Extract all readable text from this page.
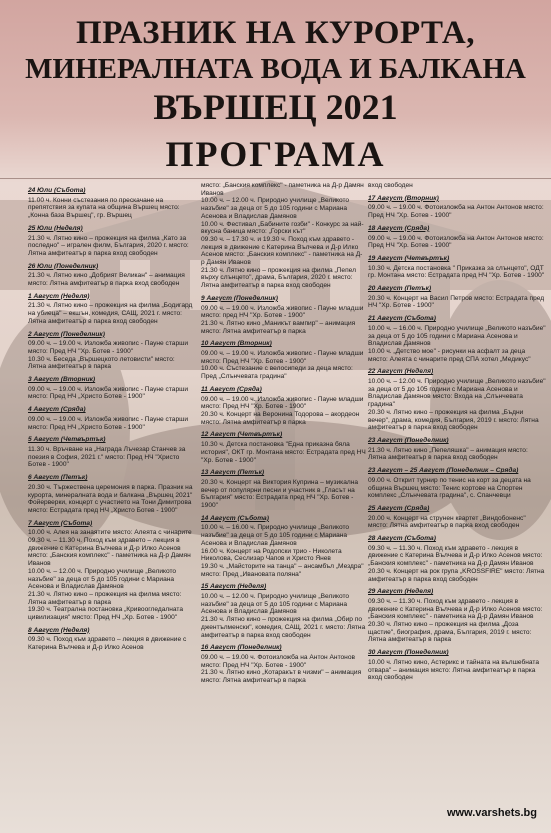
ПРАЗНИК НА КУРОРТА,
МИНЕРАЛНАТА ВОДА И БАЛКАНА
ВЪРШЕЦ 2021
ПРОГРАМА
24 Юли (Събота)

11.00 ч. Конни състезания по прескачане на препятствия за купата на община Вършец място: „Конна база Вършец", гр. Вършец

25 Юли (Неделя)

21.30 ч. Лятно кино – прожекция на филма „Като за последно" – игрален филм, България, 2020 г. място: Лятна амфитеатър в парка вход свободен

26 Юли (Понеделник)

21.30 ч. Лятно кино „Добрият Великан" – анимация място: Лятна амфитеатър в парка вход свободен

1 Август (Неделя)

21.30 ч. Лятно кино – прожекция на филма „Бодигард на убиеца" – екшън, комедия, САЩ, 2021 г. място: Лятна амфитеатър в парка вход свободен

2 Август (Понеделник)

09.00 ч. – 19.00 ч. Изложба живопис - Пауне старши място: Пред НЧ "Хр. Ботев - 1900"

10.30 ч. Беседа „Вършецкото летовисти" място: Лятна амфитеатър в парка

3 Август (Вторник)

09.00 ч. – 19.00 ч. Изложба живопис - Пауне старши място: Пред НЧ „Христо Ботев - 1900"

4 Август (Сряда)

09.00 ч. – 19.00 ч. Изложба живопис - Пауне старши място: Пред НЧ „Христо Ботев - 1900"

5 Август (Четвъртък)

11.30 ч. Връчване на „Награда Лъчезар Станчев за поезия в София, 2021 г." място: Пред НЧ "Христо Ботев - 1900"

6 Август (Петък)

20.30 ч. Тържествена церемония в парка. Празник на курорта, минералната вода и балкана „Вършец 2021" Фойерверки, концерт с участието на Тони Димитрова място: Естрадата пред НЧ „Христо Ботев - 1900"

7 Август (Събота)

10.00 ч. Алея на занаятите място: Алеята с чинарите

09.30 ч. – 11.30 ч. Поход към здравето – лекция в движение с Катерина Вълчева и Д-р Илко Асенов място: „Банския комплекс" - паметника на Д-р Дамян Иванов

10.00 ч. – 12.00 ч. Природно училище „Великото назъбие" за деца от 5 до 105 години с Мариана Асенова и Владислав Дамянов

21.30 ч. Лятно кино – прожекция на филма място: Лятна амфитеатър в парка

19.30 ч. Театрална постановка „Кривоогледалната цивилизация" място: Пред НЧ „Хр. Ботев - 1900"

8 Август (Неделя)

09.30 ч. Поход към здравето – лекция в движение с Катерина Вълчева и Д-р Илко Асенов

място: „Банския комплекс" - паметника на Д-р Дамян Иванов

10.00 ч. – 12.00 ч. Природно училище „Великото назъбие" за деца от 5 до 105 години с Мариана Асенова и Владислав Дамянов

10.00 ч. Фестивал „Бабините гозби" - Конкурс за най-вкусна баница място: „Горски кът"

09.30 ч. – 17.30 ч. и 19.30 ч. Поход към здравето - лекция в движение с Катерина Вълчева и Д-р Илко Асенов място: „Банския комплекс" - паметника на Д-р Дамян Иванов

21.30 ч. Лятно кино – прожекция на филма „Пепел върху слънцето", драма, България, 2020 г. място: Лятна амфитеатър в парка вход свободен

9 Август (Понеделник)

09.00 ч. – 19.00 ч. Изложба живопис - Пауне младши място: пред НЧ "Хр. Ботев - 1900"

21.30 ч. Лятно кино „Маникът вампир" – анимация място: Лятна амфитеатър в парка

10 Август (Вторник)

09.00 ч. – 19.00 ч. Изложба живопис - Пауне младши място: Пред НЧ "Хр. Ботев - 1900"

10.00 ч. Състезание с велосипеди за деца място: Пред „Слънчевата градина"

11 Август (Сряда)

09.00 ч. – 19.00 ч. Изложба живопис - Пауне младши място: Пред НЧ "Хр. Ботев - 1900"

20.30 ч. Концерт на Веронина Тодорова – акордеон място: Лятна амфитеатър в парка

12 Август (Четвъртък)

10.30 ч. Детска постановка "Една приказна бяла история", ОКТ гр. Монтана място: Естрадата пред НЧ "Хр. Ботев - 1900"

13 Август (Петък)

20.30 ч. Концерт на Виктория Куприна – музикална вечер от популярни песни и участник в „Гласът на България" място: Естрадата пред НЧ "Хр. Ботев - 1900"

14 Август (Събота)

10.00 ч. – 16.00 ч. Природно училище „Великото назъбие" за деца от 5 до 105 години с Мариана Асенова и Владислав Дамянов

16.00 ч. Концерт на Родопски трио - Николета Николова, Сеслизар Чапов и Христо Янев

19.30 ч. „Майсторите на танца" – ансамбъл „Мездра" място: Пред „Ивановата поляна"

15 Август (Неделя)

10.00 ч. – 12.00 ч. Природно училище „Великото назъбие" за деца от 5 до 105 години с Мариана Асенова и Владислав Дамянов

21.30 ч. Лятно кино – прожекция на филма „Обир по джентълменски", комедия, САЩ, 2021 г. място: Лятна амфитеатър в парка вход свободен

16 Август (Понеделник)

09.00 ч. – 19.00 ч. Фотоизложба на Антон Антонов място: Пред НЧ "Хр. Ботев - 1900"

21.30 ч. Лятно кино „Котаракът в чизми" – анимация място: Лятна амфитеатър в парка

вход свободен

17 Август (Вторник)

09.00 ч. – 19.00 ч. Фотоизложба на Антон Антонов място: Пред НЧ "Хр. Ботев - 1900"

18 Август (Сряда)

09.00 ч. – 19.00 ч. Фотоизложба на Антон Антонов място: Пред НЧ "Хр. Ботев - 1900"

19 Август (Четвъртък)

10.30 ч. Детска постановка " Приказка за слънцето", ОДТ гр. Монтана място: Естрадата пред НЧ "Хр. Ботев - 1900"

20 Август (Петък)

20.30 ч. Концерт на Васил Петров място: Естрадата пред НЧ "Хр. Ботев - 1900"

21 Август (Събота)

10.00 ч. – 16.00 ч. Природно училище „Великото назъбие" за деца от 5 до 105 години с Мариана Асенова и Владислав Дамянов

10.00 ч. „Детство мое" - рисунки на асфалт за деца място: Алеята с чинарите пред СПА хотел „Медикус"

22 Август (Неделя)

10.00 ч. – 12.00 ч. Природно училище „Великото назъбие" за деца от 5 до 105 години с Мариана Асенова и Владислав Дамянов място: Входа на „Слънчевата градина"

20.30 ч. Лятно кино – прожекция на филма „Бъдни вечер", драма, комедия, България, 2019 г. място: Лятна амфитеатър в парка вход свободен

23 Август (Понеделник)

21.30 ч. Лятно кино „Пепеляшка" – анимация място: Лятна амфитеатър в парка вход свободен

23 Август – 25 Август (Понеделник – Сряда)

09.00 ч. Открит турнир по тенис на корт за децата на община Вършец място: Тенис кортове на Спортен комплекс „Слънчевата градина", с. Спанчевци

25 Август (Сряда)

20.00 ч. Концерт на струнен квартет „Виндобоненс" място: Лятна амфитеатър в парка вход свободен

28 Август (Събота)

09.30 ч. – 11.30 ч. Поход към здравето - лекция в движение с Катерина Вълчева и Д-р Илко Асенов място: „Банския комплекс" - паметника на Д-р Дамян Иванов

20.30 ч. Концерт на рок група „KROSSFIRE" място: Лятна амфитеатър в парка вход свободен

29 Август (Неделя)

09.30 ч. – 11.30 ч. Поход към здравето - лекция в движение с Катерина Вълчева и Д-р Илко Асенов място: „Банския комплекс" - паметника на Д-р Дамян Иванов

20.30 ч. Лятно кино – прожекция на филма „Доза щастие", биография, драма, България, 2019 г. място: Лятна амфитеатър в парка

30 Август (Понеделник)

10.00 ч. Лятно кино, Астерикс и тайната на вълшебната отвара" – анимация място: Лятна амфитеатър в парка вход свободен

www.varshets.bg
